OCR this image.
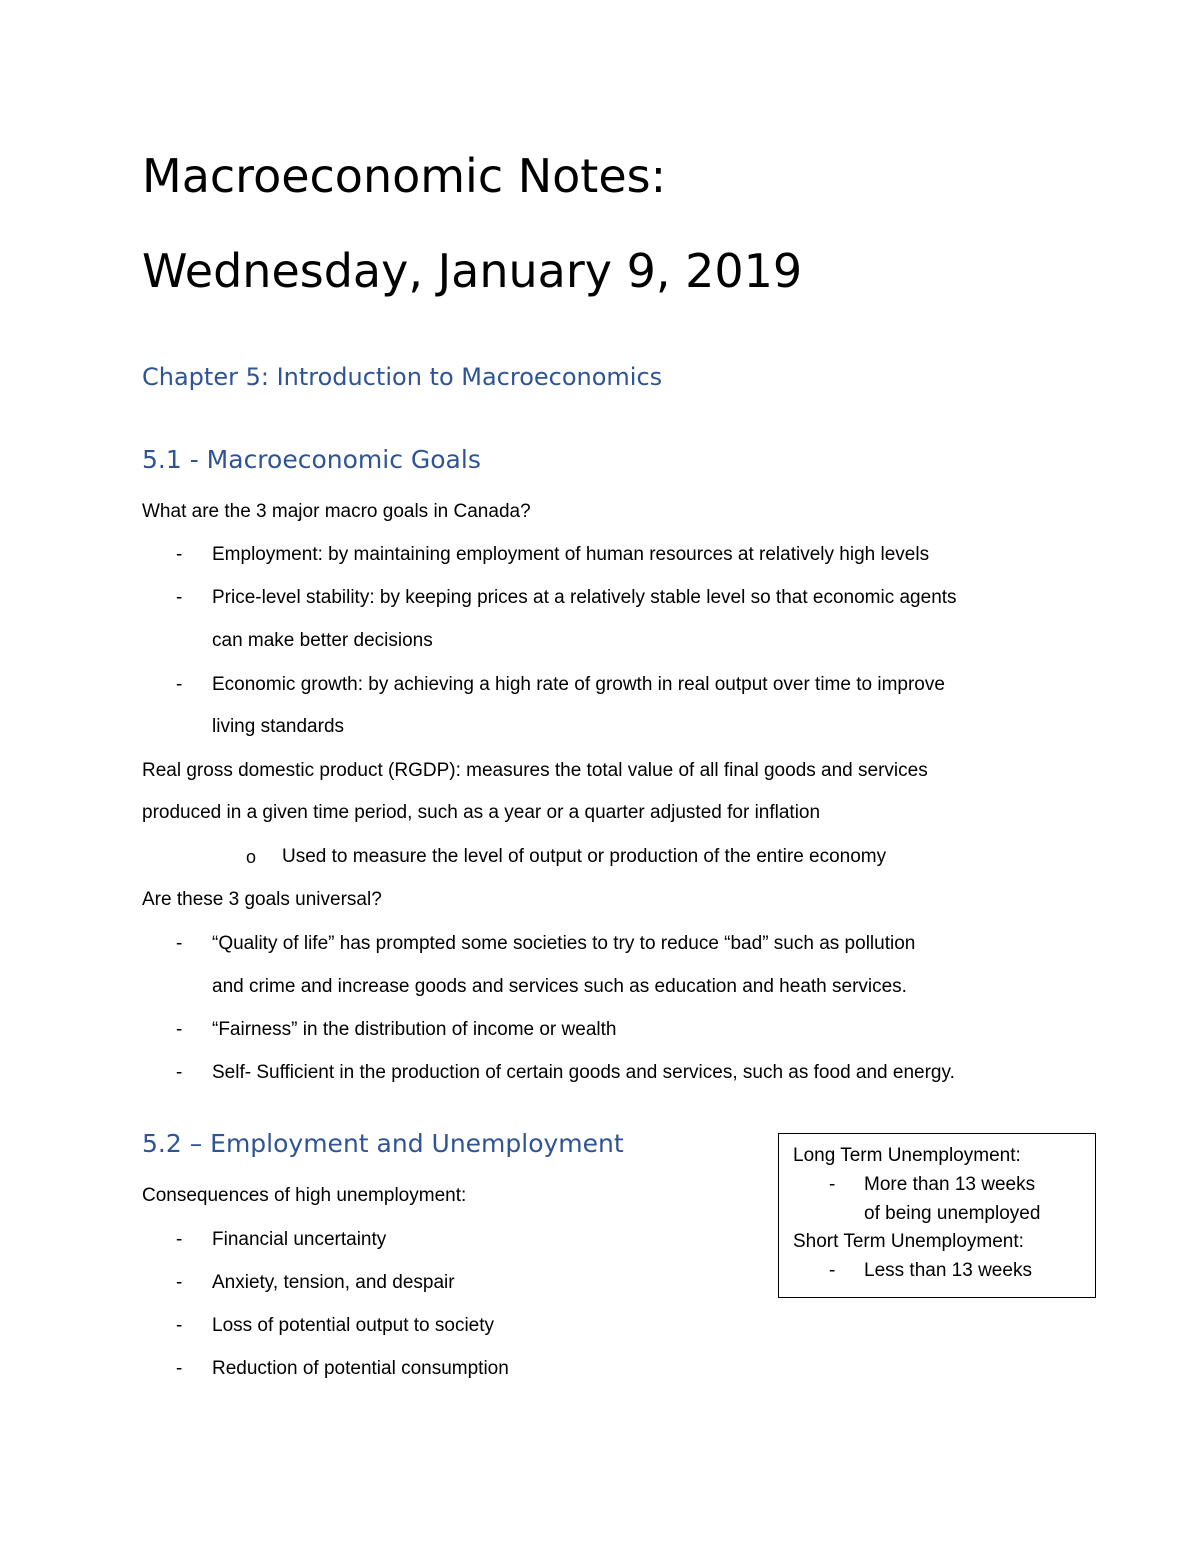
Macroeconomic Notes:
Wednesday, January 9, 2019
Chapter 5: Introduction to Macroeconomics
5.1 - Macroeconomic Goals
What are the 3 major macro goals in Canada?
- Employment: by maintaining employment of human resources at relatively high levels
- Price-level stability: by keeping prices at a relatively stable level so that economic agents
can make better decisions
- Economic growth: by achieving a high rate of growth in real output over time to improve
living standards
Real gross domestic product (RGDP): measures the total value of all final goods and services
produced in a given time period, such as a year or a quarter adjusted for inflation
o Used to measure the level of output or production of the entire economy
Are these 3 goals universal?
- “Quality of life” has prompted some societies to try to reduce “bad” such as pollution
and crime and increase goods and services such as education and heath services.
- “Fairness” in the distribution of income or wealth
- Self- Sufficient in the production of certain goods and services, such as food and energy.
5.2 – Employment and Unemployment
Consequences of high unemployment:
- Financial uncertainty
- Anxiety, tension, and despair
- Loss of potential output to society
- Reduction of potential consumption
Long Term Unemployment:
- More than 13 weeks
of being unemployed
Short Term Unemployment:
- Less than 13 weeks
